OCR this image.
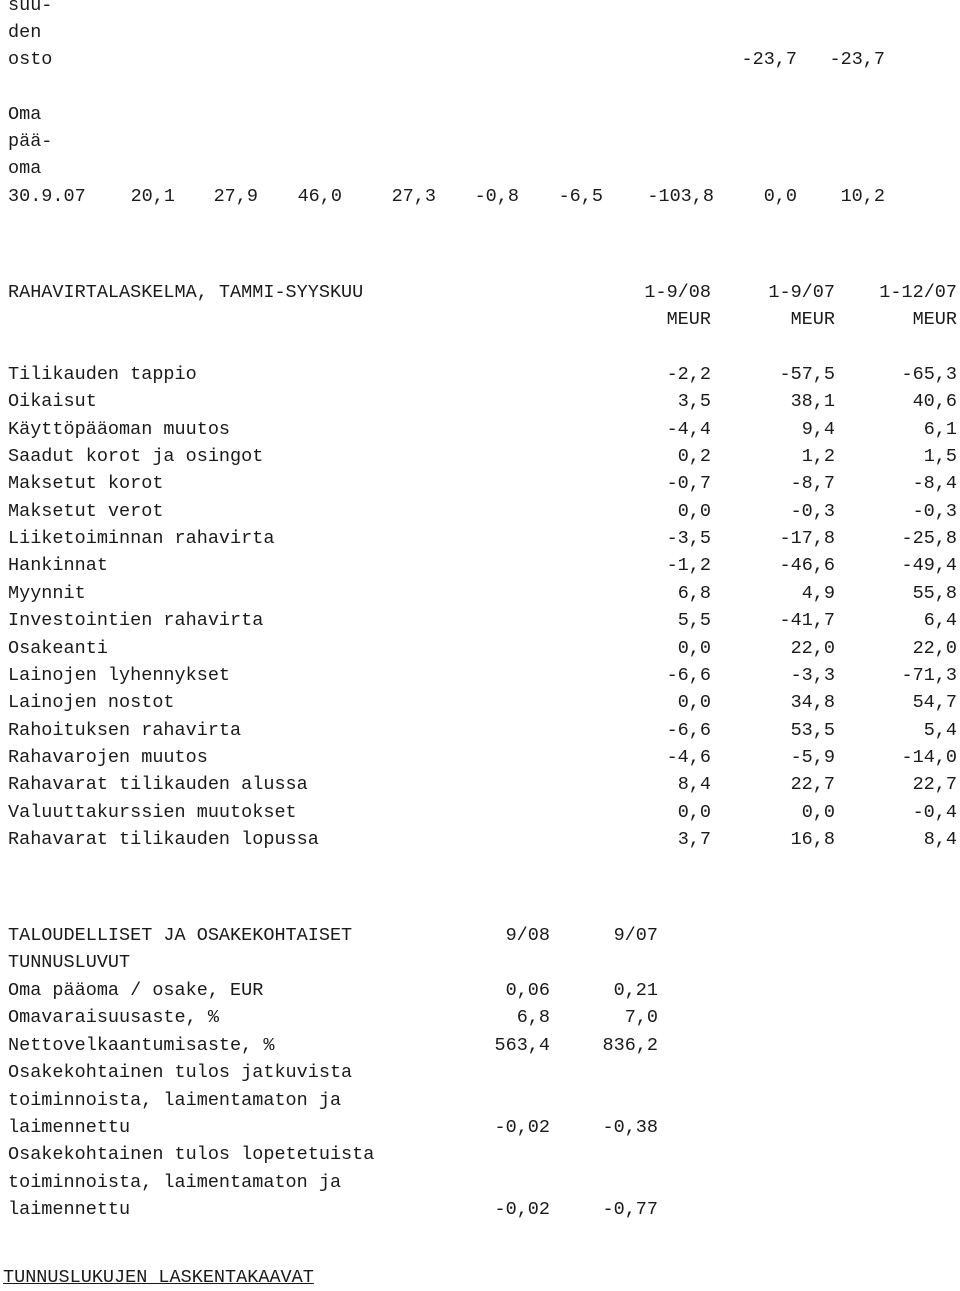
suu-
den
osto	-23,7 -23,7
Oma
pää-
oma
30.9.07 20,1 27,9 46,0	27,3 -0,8 -6,5 -103,8	0,0 10,2
RAHAVIRTALASKELMA, TAMMI-SYYSKUU	1-9/08	1-9/07 1-12/07
MEUR	MEUR	MEUR
Tilikauden tappio	-2,2	-57,5	-65,3
Oikaisut	3,5	38,1	40,6
Käyttöpääoman muutos	-4,4	9,4	6,1
Saadut korot ja osingot	0,2	1,2	1,5
Maksetut korot	-0,7	-8,7	-8,4
Maksetut verot	0,0	-0,3	-0,3
Liiketoiminnan rahavirta	-3,5	-17,8	-25,8
Hankinnat	-1,2	-46,6	-49,4
Myynnit	6,8	4,9	55,8
Investointien rahavirta	5,5	-41,7	6,4
Osakeanti	0,0	22,0	22,0
Lainojen lyhennykset	-6,6	-3,3	-71,3
Lainojen nostot	0,0	34,8	54,7
Rahoituksen rahavirta	-6,6	53,5	5,4
Rahavarojen muutos	-4,6	-5,9	-14,0
Rahavarat tilikauden alussa	8,4	22,7	22,7
Valuuttakurssien muutokset	0,0	0,0	-0,4
Rahavarat tilikauden lopussa	3,7	16,8	8,4
TALOUDELLISET JA OSAKEKOHTAISET	9/08	9/07
TUNNUSLUVUT
Oma pääoma / osake, EUR	0,06	0,21
Omavaraisuusaste, %	6,8	7,0
Nettovelkaantumisaste, %	563,4	836,2
Osakekohtainen tulos jatkuvista
toiminnoista, laimentamaton ja
laimennettu	-0,02	-0,38
Osakekohtainen tulos lopetetuista
toiminnoista, laimentamaton ja
laimennettu	-0,02	-0,77
TUNNUSLUKUJEN LASKENTAKAAVAT
